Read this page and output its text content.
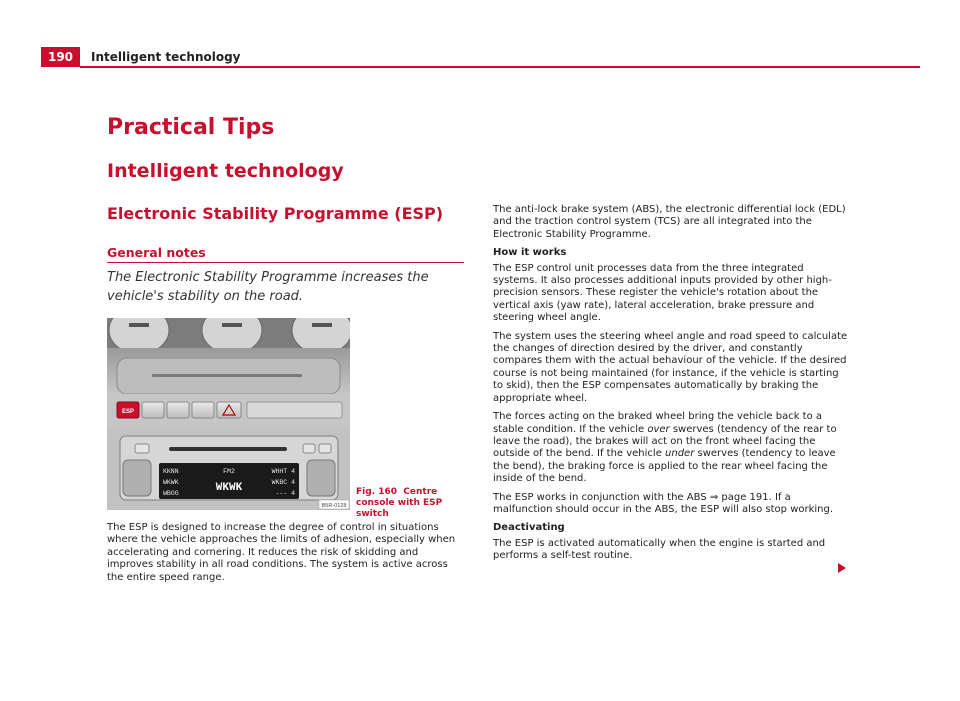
190	Intelligent technology
Practical Tips
Intelligent technology
Electronic Stability Programme (ESP)
General notes

The Electronic Stability Programme increases the vehicle's stability on the road.

ESP
KKNN
WKWK
WBOG
FM2
WKWK
WHHT 4
WKBC 4
--- 4
B5R-0128
Fig. 160 Centre console with ESP switch

The ESP is designed to increase the degree of control in situations where the vehicle approaches the limits of adhesion, especially when accelerating and cornering. It reduces the risk of skidding and improves stability in all road conditions. The system is active across the entire speed range.

The anti-lock brake system (ABS), the electronic differential lock (EDL) and the traction control system (TCS) are all integrated into the Electronic Stability Programme.

How it works

The ESP control unit processes data from the three integrated systems. It also processes additional inputs provided by other high-precision sensors. These register the vehicle's rotation about the vertical axis (yaw rate), lateral acceleration, brake pressure and steering wheel angle.

The system uses the steering wheel angle and road speed to calculate the changes of direction desired by the driver, and constantly compares them with the actual behaviour of the vehicle. If the desired course is not being maintained (for instance, if the vehicle is starting to skid), then the ESP compensates automatically by braking the appropriate wheel.

The forces acting on the braked wheel bring the vehicle back to a stable condition. If the vehicle over swerves (tendency of the rear to leave the road), the brakes will act on the front wheel facing the outside of the bend. If the vehicle under swerves (tendency to leave the bend), the braking force is applied to the rear wheel facing the inside of the bend.

The ESP works in conjunction with the ABS ⇒ page 191. If a malfunction should occur in the ABS, the ESP will also stop working.

Deactivating

The ESP is activated automatically when the engine is started and performs a self-test routine.
